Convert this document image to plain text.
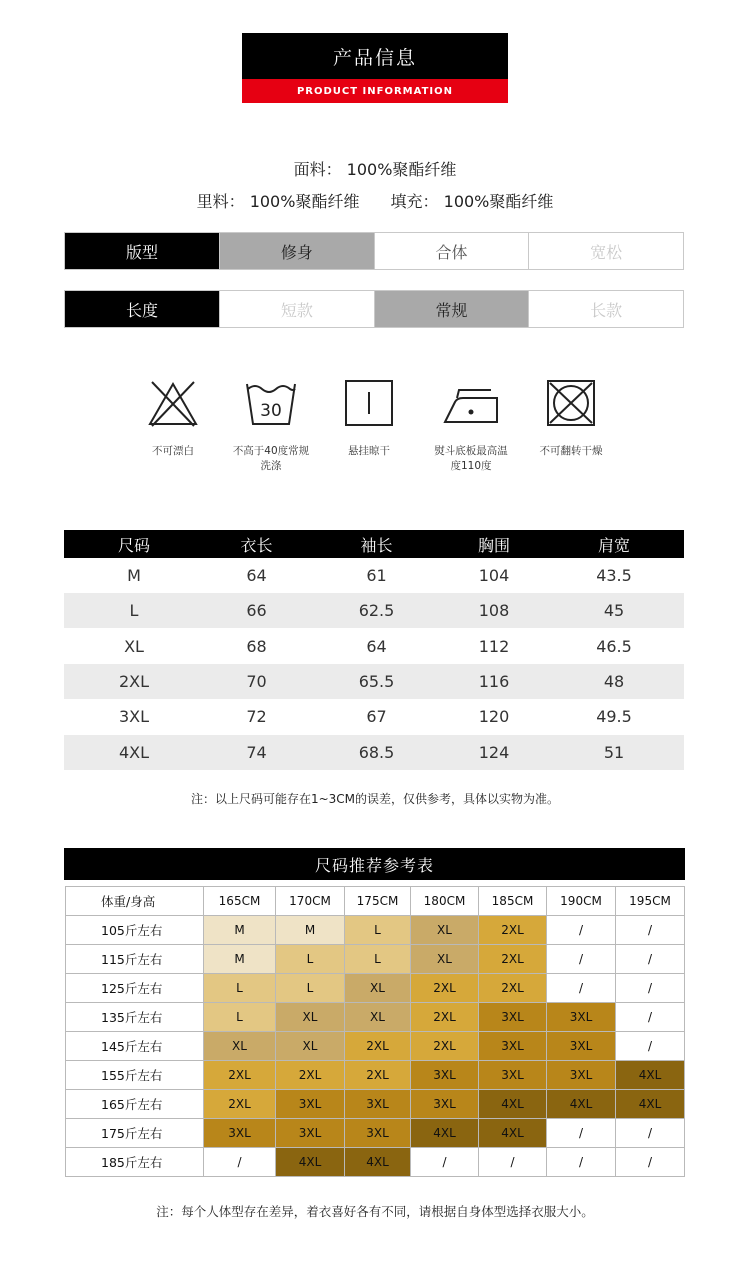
产品信息
PRODUCT INFORMATION
面料： 100%聚酯纤维
里料： 100%聚酯纤维 填充： 100%聚酯纤维
版型	修身	合体	宽松
长度	短款	常规	长款
不可漂白
30
不高于40度常规洗涤
悬挂晾干	熨斗底板最高温度110度
不可翻转干燥
尺码	衣长	袖长	胸围	肩宽
M	64	61	104	43.5
L	66	62.5	108	45
XL	68	64	112	46.5
2XL	70	65.5	116	48
3XL	72	67	120	49.5
4XL	74	68.5	124	51
注：以上尺码可能存在1~3CM的误差，仅供参考，具体以实物为准。
尺码推荐参考表
体重/身高	165CM	170CM	175CM	180CM	185CM	190CM	195CM
105斤左右	M	M	L	XL	2XL	/	/
115斤左右	M	L	L	XL	2XL	/	/
125斤左右	L	L	XL	2XL	2XL	/	/
135斤左右	L	XL	XL	2XL	3XL	3XL	/
145斤左右	XL	XL	2XL	2XL	3XL	3XL	/
155斤左右	2XL	2XL	2XL	3XL	3XL	3XL	4XL
165斤左右	2XL	3XL	3XL	3XL	4XL	4XL	4XL
175斤左右	3XL	3XL	3XL	4XL	4XL	/	/
185斤左右	/	4XL	4XL	/	/	/	/
注：每个人体型存在差异，着衣喜好各有不同，请根据自身体型选择衣服大小。
